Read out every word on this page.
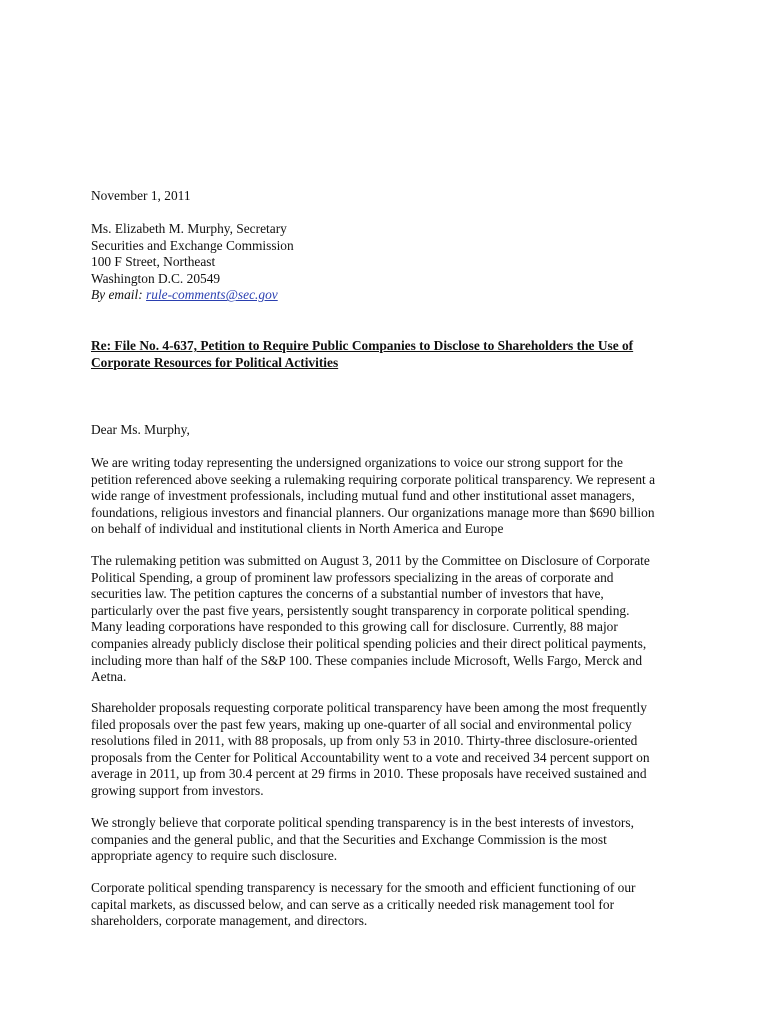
November 1, 2011
Ms. Elizabeth M. Murphy, Secretary
Securities and Exchange Commission
100 F Street, Northeast
Washington D.C. 20549
By email: rule-comments@sec.gov
Re: File No. 4-637, Petition to Require Public Companies to Disclose to Shareholders the Use of
Corporate Resources for Political Activities
Dear Ms. Murphy,
We are writing today representing the undersigned organizations to voice our strong support for the
petition referenced above seeking a rulemaking requiring corporate political transparency. We represent a
wide range of investment professionals, including mutual fund and other institutional asset managers,
foundations, religious investors and financial planners. Our organizations manage more than $690 billion
on behalf of individual and institutional clients in North America and Europe
The rulemaking petition was submitted on August 3, 2011 by the Committee on Disclosure of Corporate
Political Spending, a group of prominent law professors specializing in the areas of corporate and
securities law. The petition captures the concerns of a substantial number of investors that have,
particularly over the past five years, persistently sought transparency in corporate political spending.
Many leading corporations have responded to this growing call for disclosure. Currently, 88 major
companies already publicly disclose their political spending policies and their direct political payments,
including more than half of the S&P 100. These companies include Microsoft, Wells Fargo, Merck and
Aetna.
Shareholder proposals requesting corporate political transparency have been among the most frequently
filed proposals over the past few years, making up one-quarter of all social and environmental policy
resolutions filed in 2011, with 88 proposals, up from only 53 in 2010. Thirty-three disclosure-oriented
proposals from the Center for Political Accountability went to a vote and received 34 percent support on
average in 2011, up from 30.4 percent at 29 firms in 2010. These proposals have received sustained and
growing support from investors.
We strongly believe that corporate political spending transparency is in the best interests of investors,
companies and the general public, and that the Securities and Exchange Commission is the most
appropriate agency to require such disclosure.
Corporate political spending transparency is necessary for the smooth and efficient functioning of our
capital markets, as discussed below, and can serve as a critically needed risk management tool for
shareholders, corporate management, and directors.
